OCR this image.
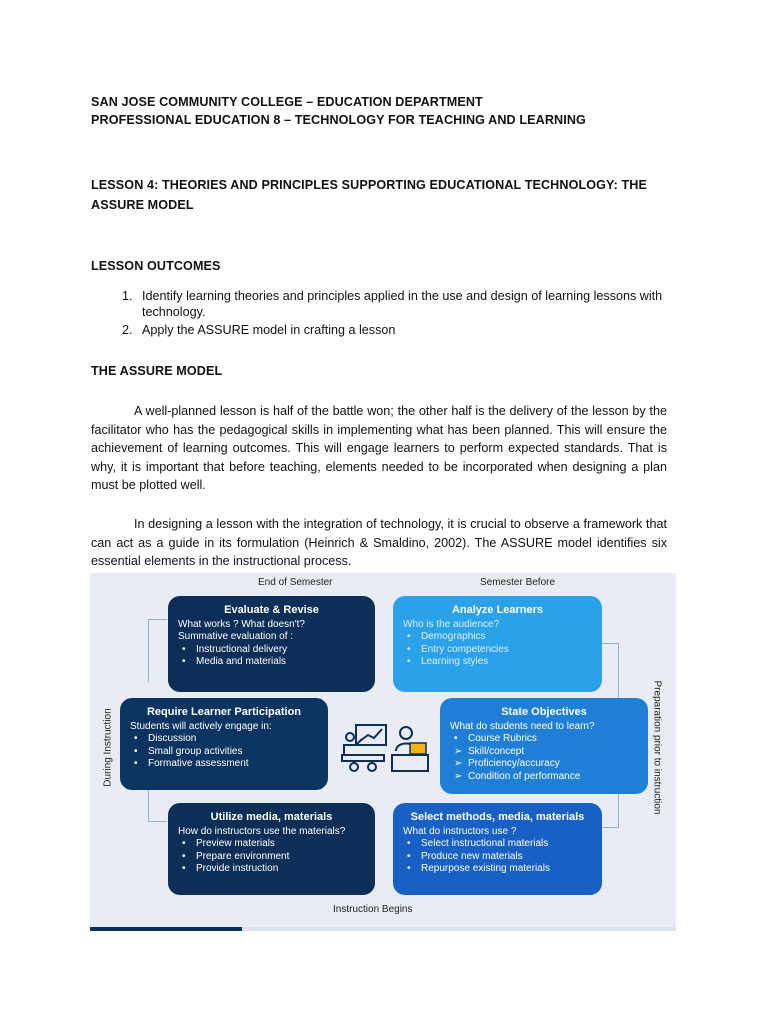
SAN JOSE COMMUNITY COLLEGE – EDUCATION DEPARTMENT
PROFESSIONAL EDUCATION 8 – TECHNOLOGY FOR TEACHING AND LEARNING
LESSON 4: THEORIES AND PRINCIPLES SUPPORTING EDUCATIONAL TECHNOLOGY: THE
ASSURE MODEL
LESSON OUTCOMES
1. Identify learning theories and principles applied in the use and design of learning lessons with technology.
2. Apply the ASSURE model in crafting a lesson
THE ASSURE MODEL
A well-planned lesson is half of the battle won; the other half is the delivery of the lesson by the facilitator who has the pedagogical skills in implementing what has been planned. This will ensure the achievement of learning outcomes. This will engage learners to perform expected standards. That is why, it is important that before teaching, elements needed to be incorporated when designing a plan must be plotted well.
In designing a lesson with the integration of technology, it is crucial to observe a framework that can act as a guide in its formulation (Heinrich & Smaldino, 2002). The ASSURE model identifies six essential elements in the instructional process.
End of Semester	Semester Before
Instruction Begins
During Instruction	Preparation prior to instruction
Evaluate & Revise
What works ? What doesn't?
Summative evaluation of :
• Instructional delivery
• Media and materials
Analyze Learners
Who is the audience?
• Demographics
• Entry competencies
• Learning styles
Require Learner Participation
Students will actively engage in:
• Discussion
• Small group activities
• Formative assessment
State Objectives
What do students need to learn?
• Course Rubrics
➢ Skill/concept
➢ Proficiency/accuracy
➢ Condition of performance
Utilize media, materials
How do instructors use the materials?
• Preview materials
• Prepare environment
• Provide instruction
Select methods, media, materials
What do instructors use ?
• Select instructional materials
• Produce new materials
• Repurpose existing materials
